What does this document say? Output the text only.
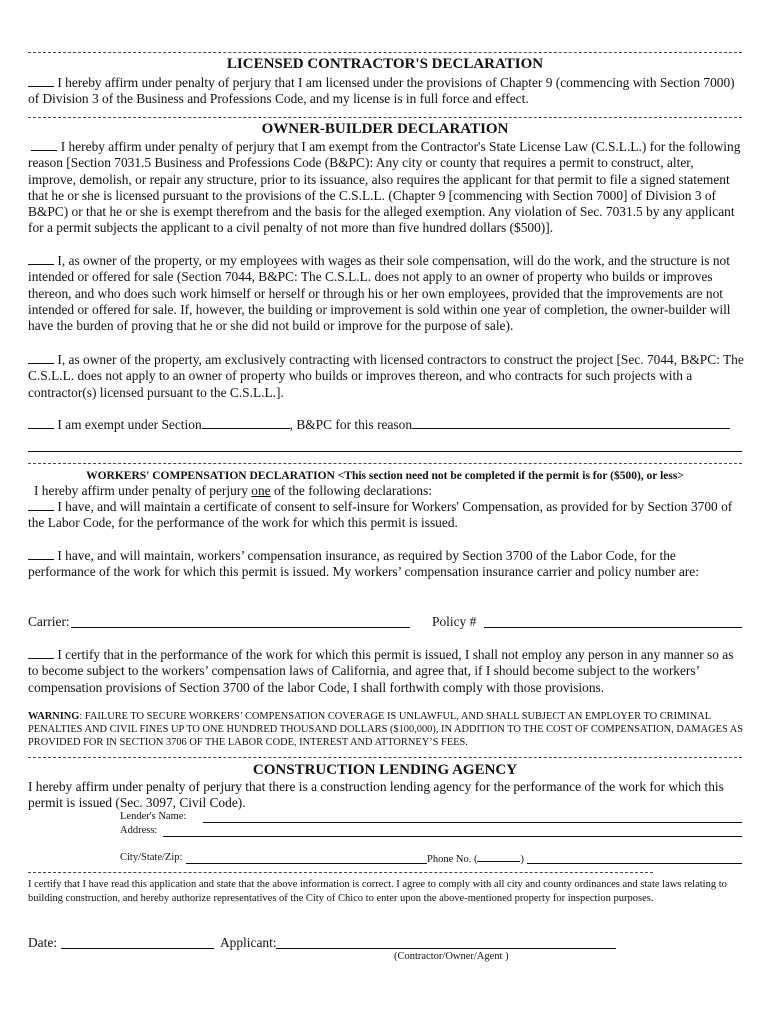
LICENSED CONTRACTOR'S DECLARATION
I hereby affirm under penalty of perjury that I am licensed under the provisions of Chapter 9 (commencing with Section 7000) of Division 3 of the Business and Professions Code, and my license is in full force and effect.
OWNER-BUILDER DECLARATION
I hereby affirm under penalty of perjury that I am exempt from the Contractor's State License Law (C.S.L.L.) for the following reason [Section 7031.5 Business and Professions Code (B&PC): Any city or county that requires a permit to construct, alter, improve, demolish, or repair any structure, prior to its issuance, also requires the applicant for that permit to file a signed statement that he or she is licensed pursuant to the provisions of the C.S.L.L. (Chapter 9 [commencing with Section 7000] of Division 3 of B&PC) or that he or she is exempt therefrom and the basis for the alleged exemption. Any violation of Sec. 7031.5 by any applicant for a permit subjects the applicant to a civil penalty of not more than five hundred dollars ($500)].
I, as owner of the property, or my employees with wages as their sole compensation, will do the work, and the structure is not intended or offered for sale (Section 7044, B&PC: The C.S.L.L. does not apply to an owner of property who builds or improves thereon, and who does such work himself or herself or through his or her own employees, provided that the improvements are not intended or offered for sale. If, however, the building or improvement is sold within one year of completion, the owner-builder will have the burden of proving that he or she did not build or improve for the purpose of sale).
I, as owner of the property, am exclusively contracting with licensed contractors to construct the project [Sec. 7044, B&PC: The C.S.L.L. does not apply to an owner of property who builds or improves thereon, and who contracts for such projects with a contractor(s) licensed pursuant to the C.S.L.L.].
I am exempt under Section	, B&PC for this reason
WORKERS' COMPENSATION DECLARATION <This section need not be completed if the permit is for ($500), or less>
I hereby affirm under penalty of perjury one of the following declarations:
I have, and will maintain a certificate of consent to self-insure for Workers' Compensation, as provided for by Section 3700 of the Labor Code, for the performance of the work for which this permit is issued.
I have, and will maintain, workers’ compensation insurance, as required by Section 3700 of the Labor Code, for the performance of the work for which this permit is issued. My workers’ compensation insurance carrier and policy number are:
Carrier:	Policy #
I certify that in the performance of the work for which this permit is issued, I shall not employ any person in any manner so as to become subject to the workers’ compensation laws of California, and agree that, if I should become subject to the workers’ compensation provisions of Section 3700 of the labor Code, I shall forthwith comply with those provisions.
WARNING: FAILURE TO SECURE WORKERS’ COMPENSATION COVERAGE IS UNLAWFUL, AND SHALL SUBJECT AN EMPLOYER TO CRIMINAL PENALTIES AND CIVIL FINES UP TO ONE HUNDRED THOUSAND DOLLARS ($100,000), IN ADDITION TO THE COST OF COMPENSATION, DAMAGES AS PROVIDED FOR IN SECTION 3706 OF THE LABOR CODE, INTEREST AND ATTORNEY’S FEES.
CONSTRUCTION LENDING AGENCY
I hereby affirm under penalty of perjury that there is a construction lending agency for the performance of the work for which this permit is issued (Sec. 3097, Civil Code).
Lender's Name:
Address:
City/State/Zip:	Phone No. (	)
I certify that I have read this application and state that the above information is correct. I agree to comply with all city and county ordinances and state laws relating to building construction, and hereby authorize representatives of the City of Chico to enter upon the above-mentioned property for inspection purposes.
Date:	Applicant:
(Contractor/Owner/Agent )
